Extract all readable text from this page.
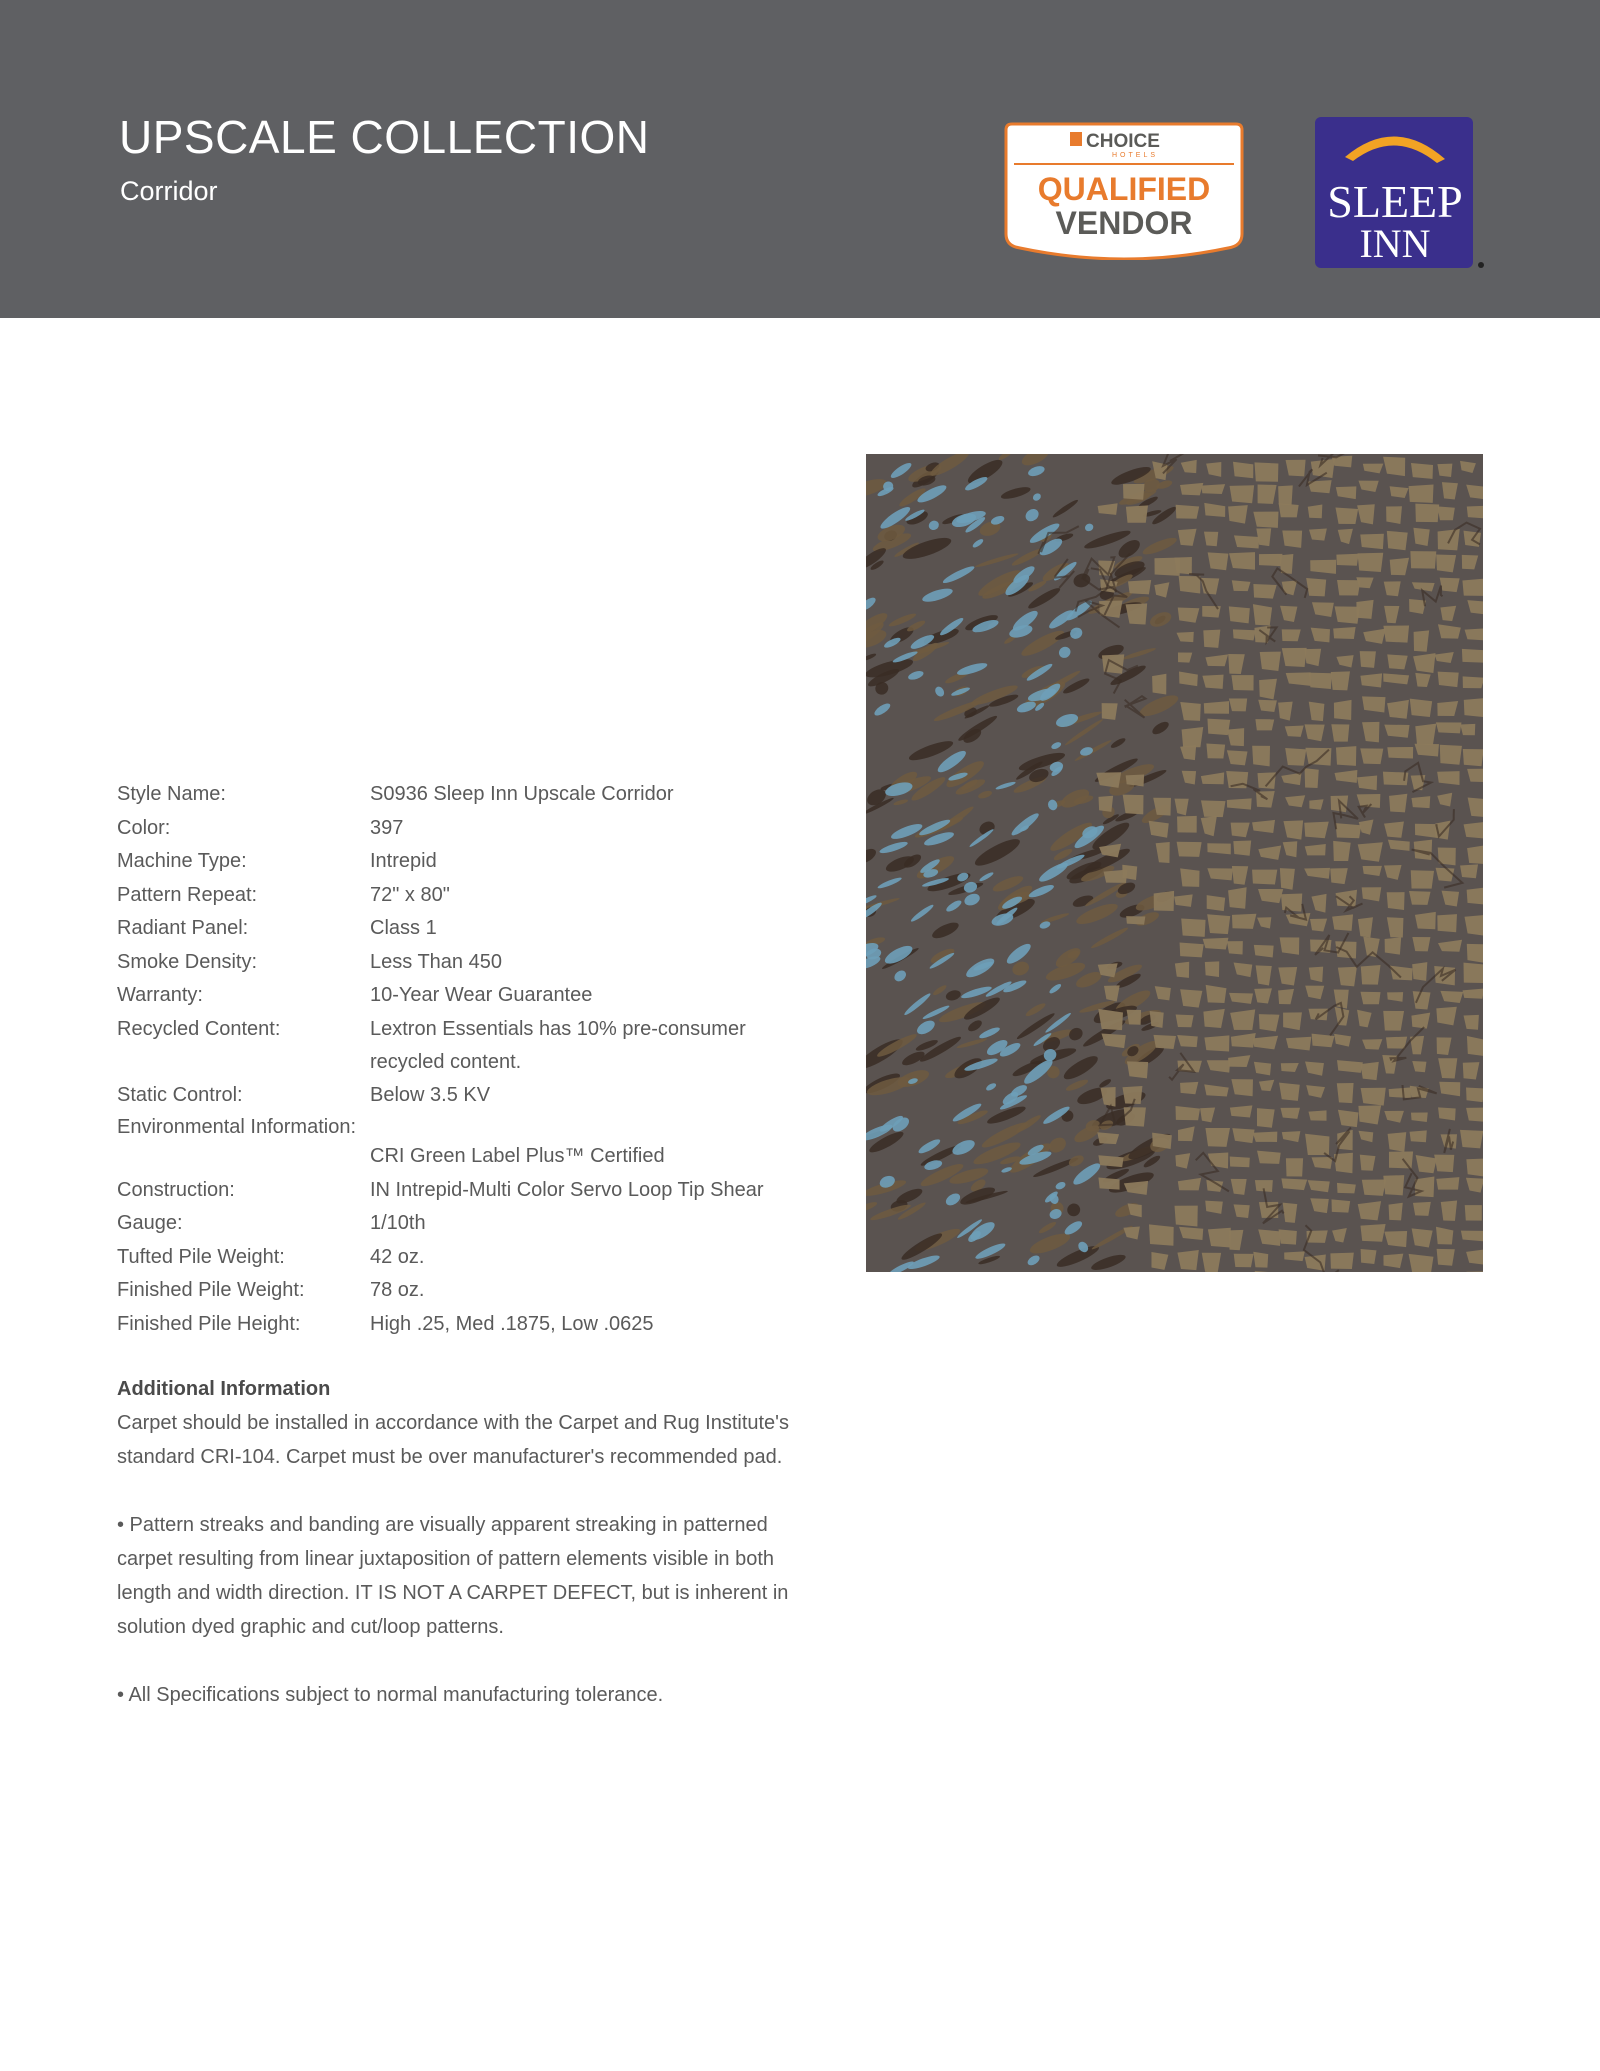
UPSCALE COLLECTION
Corridor
CHOICE
HOTELS
QUALIFIED
VENDOR	SLEEP
INN
Style Name:	S0936 Sleep Inn Upscale Corridor
Color:	397
Machine Type:	Intrepid
Pattern Repeat:	72" x 80"
Radiant Panel:	Class 1
Smoke Density:	Less Than 450
Warranty:	10-Year Wear Guarantee
Recycled Content:	Lextron Essentials has 10% pre-consumer recycled content.
Static Control:	Below 3.5 KV
Environmental Information:
CRI Green Label Plus™ Certified
Construction:	IN Intrepid-Multi Color Servo Loop Tip Shear
Gauge:	1/10th
Tufted Pile Weight:	42 oz.
Finished Pile Weight:	78 oz.
Finished Pile Height:	High .25, Med .1875, Low .0625
Additional Information

Carpet should be installed in accordance with the Carpet and Rug Institute's standard CRI-104. Carpet must be over manufacturer's recommended pad.

• Pattern streaks and banding are visually apparent streaking in patterned carpet resulting from linear juxtaposition of pattern elements visible in both length and width direction. IT IS NOT A CARPET DEFECT, but is inherent in solution dyed graphic and cut/loop patterns.

• All Specifications subject to normal manufacturing tolerance.
